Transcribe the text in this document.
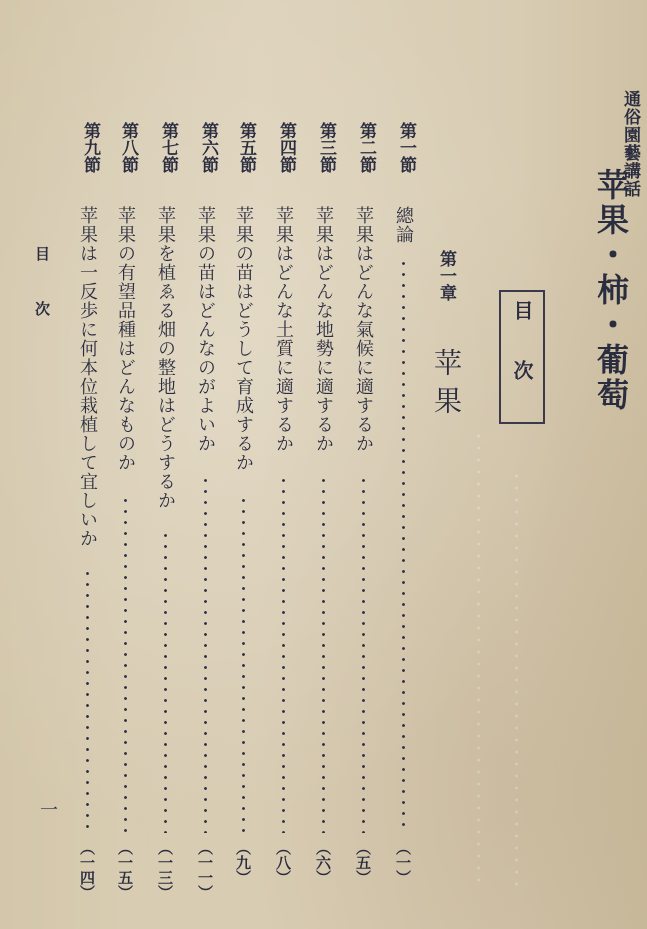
通俗園藝講話
苹果・柿・葡萄
目次
第一章
苹果
第一節
總論
（一）
第二節
苹果はどんな氣候に適するか
（五）
第三節
苹果はどんな地勢に適するか
（六）
第四節
苹果はどんな土質に適するか
（八）
第五節
苹果の苗はどうして育成するか
（九）
第六節
苹果の苗はどんなのがよいか
（一一）
第七節
苹果を植ゑる畑の整地はどうするか
（一三）
第八節
苹果の有望品種はどんなものか
（一五）
第九節
苹果は一反歩に何本位栽植して宜しいか
（一四）
目次
一
